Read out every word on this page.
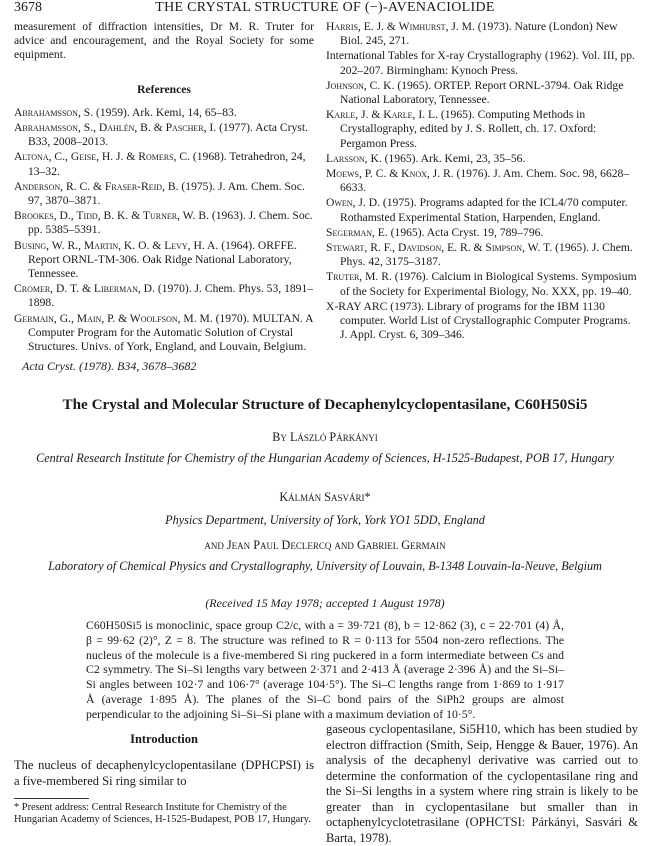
3678	THE CRYSTAL STRUCTURE OF (−)-AVENACIOLIDE
measurement of diffraction intensities, Dr M. R. Truter for advice and encouragement, and the Royal Society for some equipment.
References
Abrahamsson, S. (1959). Ark. Kemi, 14, 65–83.
Abrahamsson, S., Dahlén, B. & Pascher, I. (1977). Acta Cryst. B33, 2008–2013.
Altona, C., Geise, H. J. & Romers, C. (1968). Tetrahedron, 24, 13–32.
Anderson, R. C. & Fraser-Reid, B. (1975). J. Am. Chem. Soc. 97, 3870–3871.
Brookes, D., Tidd, B. K. & Turner, W. B. (1963). J. Chem. Soc. pp. 5385–5391.
Busing, W. R., Martin, K. O. & Levy, H. A. (1964). ORFFE. Report ORNL-TM-306. Oak Ridge National Laboratory, Tennessee.
Cromer, D. T. & Liberman, D. (1970). J. Chem. Phys. 53, 1891–1898.
Germain, G., Main, P. & Woolfson, M. M. (1970). MULTAN. A Computer Program for the Automatic Solution of Crystal Structures. Univs. of York, England, and Louvain, Belgium.
Harris, E. J. & Wimhurst, J. M. (1973). Nature (London) New Biol. 245, 271.
International Tables for X-ray Crystallography (1962). Vol. III, pp. 202–207. Birmingham: Kynoch Press.
Johnson, C. K. (1965). ORTEP. Report ORNL-3794. Oak Ridge National Laboratory, Tennessee.
Karle, J. & Karle, I. L. (1965). Computing Methods in Crystallography, edited by J. S. Rollett, ch. 17. Oxford: Pergamon Press.
Larsson, K. (1965). Ark. Kemi, 23, 35–56.
Moews, P. C. & Knox, J. R. (1976). J. Am. Chem. Soc. 98, 6628–6633.
Owen, J. D. (1975). Programs adapted for the ICL4/70 computer. Rothamsted Experimental Station, Harpenden, England.
Segerman, E. (1965). Acta Cryst. 19, 789–796.
Stewart, R. F., Davidson, E. R. & Simpson, W. T. (1965). J. Chem. Phys. 42, 3175–3187.
Truter, M. R. (1976). Calcium in Biological Systems. Symposium of the Society for Experimental Biology, No. XXX, pp. 19–40.
X-RAY ARC (1973). Library of programs for the IBM 1130 computer. World List of Crystallographic Computer Programs. J. Appl. Cryst. 6, 309–346.
Acta Cryst. (1978). B34, 3678–3682
The Crystal and Molecular Structure of Decaphenylcyclopentasilane, C60H50Si5
By László Párkányi
Central Research Institute for Chemistry of the Hungarian Academy of Sciences, H-1525-Budapest, POB 17, Hungary
Kálmán Sasvári*
Physics Department, University of York, York YO1 5DD, England
and Jean Paul Declercq and Gabriel Germain
Laboratory of Chemical Physics and Crystallography, University of Louvain, B-1348 Louvain-la-Neuve, Belgium
(Received 15 May 1978; accepted 1 August 1978)
C60H50Si5 is monoclinic, space group C2/c, with a = 39·721 (8), b = 12·862 (3), c = 22·701 (4) Å, β = 99·62 (2)°, Z = 8. The structure was refined to R = 0·113 for 5504 non-zero reflections. The nucleus of the molecule is a five-membered Si ring puckered in a form intermediate between Cs and C2 symmetry. The Si–Si lengths vary between 2·371 and 2·413 Å (average 2·396 Å) and the Si–Si–Si angles between 102·7 and 106·7° (average 104·5°). The Si–C lengths range from 1·869 to 1·917 Å (average 1·895 Å). The planes of the Si–C bond pairs of the SiPh2 groups are almost perpendicular to the adjoining Si–Si–Si plane with a maximum deviation of 10·5°.
Introduction
The nucleus of decaphenylcyclopentasilane (DPHCPSI) is a five-membered Si ring similar to
gaseous cyclopentasilane, Si5H10, which has been studied by electron diffraction (Smith, Seip, Hengge & Bauer, 1976). An analysis of the decaphenyl derivative was carried out to determine the conformation of the cyclopentasilane ring and the Si–Si lengths in a system where ring strain is likely to be greater than in cyclopentasilane but smaller than in octaphenylcyclotetrasilane (OPHCTSI: Párkányi, Sasvári & Barta, 1978).
* Present address: Central Research Institute for Chemistry of the Hungarian Academy of Sciences, H-1525-Budapest, POB 17, Hungary.
